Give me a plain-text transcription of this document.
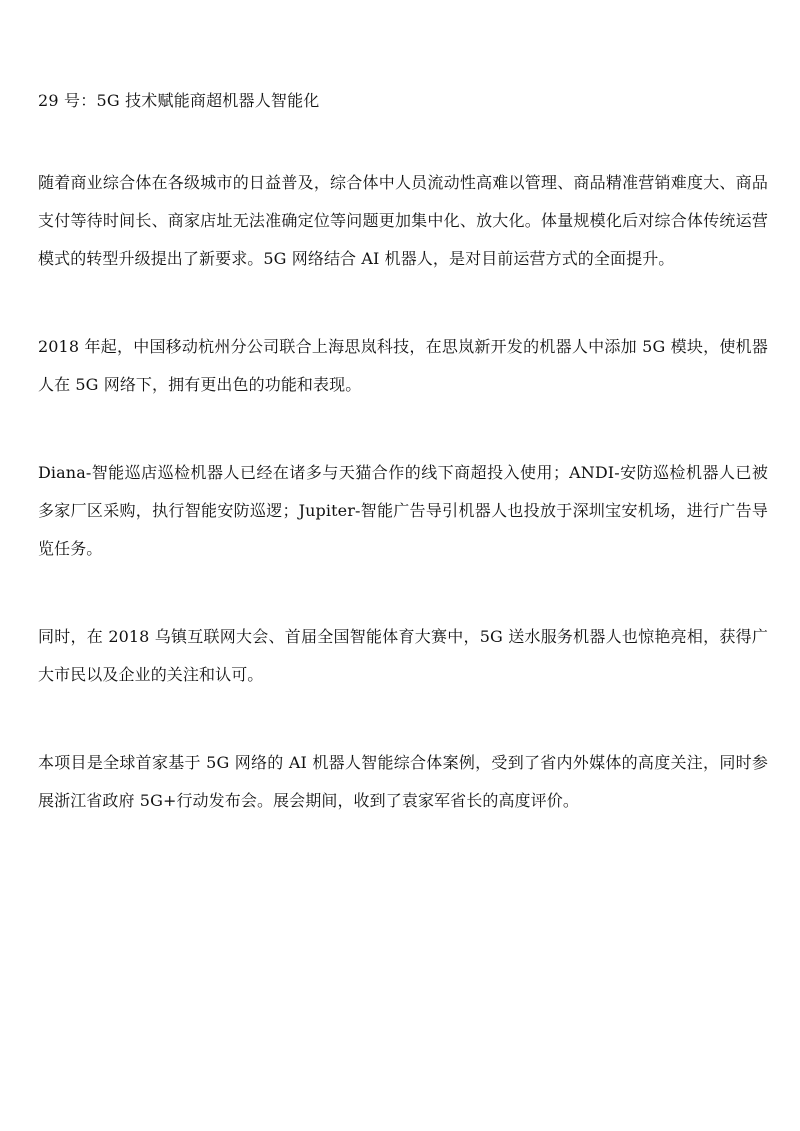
29 号：5G 技术赋能商超机器人智能化

随着商业综合体在各级城市的日益普及，综合体中人员流动性高难以管理、商品精准营销难度大、商品支付等待时间长、商家店址无法准确定位等问题更加集中化、放大化。体量规模化后对综合体传统运营模式的转型升级提出了新要求。5G 网络结合 AI 机器人，是对目前运营方式的全面提升。

2018 年起，中国移动杭州分公司联合上海思岚科技，在思岚新开发的机器人中添加 5G 模块，使机器人在 5G 网络下，拥有更出色的功能和表现。

Diana-智能巡店巡检机器人已经在诸多与天猫合作的线下商超投入使用；ANDI-安防巡检机器人已被多家厂区采购，执行智能安防巡逻；Jupiter-智能广告导引机器人也投放于深圳宝安机场，进行广告导览任务。

同时，在 2018 乌镇互联网大会、首届全国智能体育大赛中，5G 送水服务机器人也惊艳亮相，获得广大市民以及企业的关注和认可。

本项目是全球首家基于 5G 网络的 AI 机器人智能综合体案例，受到了省内外媒体的高度关注，同时参展浙江省政府 5G+行动发布会。展会期间，收到了袁家军省长的高度评价。
